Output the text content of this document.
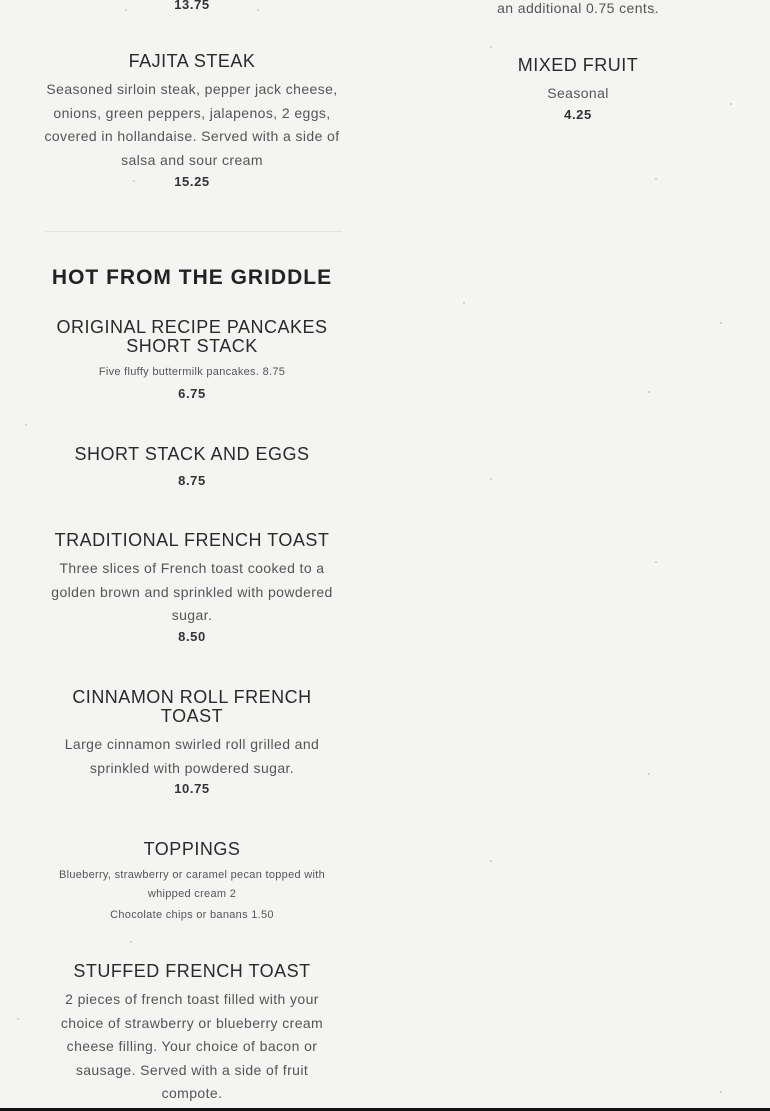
13.75
FAJITA STEAK
Seasoned sirloin steak, pepper jack cheese, onions, green peppers, jalapenos, 2 eggs, covered in hollandaise. Served with a side of salsa and sour cream
15.25
HOT FROM THE GRIDDLE
ORIGINAL RECIPE PANCAKES SHORT STACK
Five fluffy buttermilk pancakes. 8.75
6.75
SHORT STACK AND EGGS
8.75
TRADITIONAL FRENCH TOAST
Three slices of French toast cooked to a golden brown and sprinkled with powdered sugar.
8.50
CINNAMON ROLL FRENCH TOAST
Large cinnamon swirled roll grilled and sprinkled with powdered sugar.
10.75
TOPPINGS
Blueberry, strawberry or caramel pecan topped with whipped cream 2
Chocolate chips or banans 1.50
STUFFED FRENCH TOAST
2 pieces of french toast filled with your choice of strawberry or blueberry cream cheese filling. Your choice of bacon or sausage. Served with a side of fruit compote.
an additional 0.75 cents.
MIXED FRUIT
Seasonal
4.25
